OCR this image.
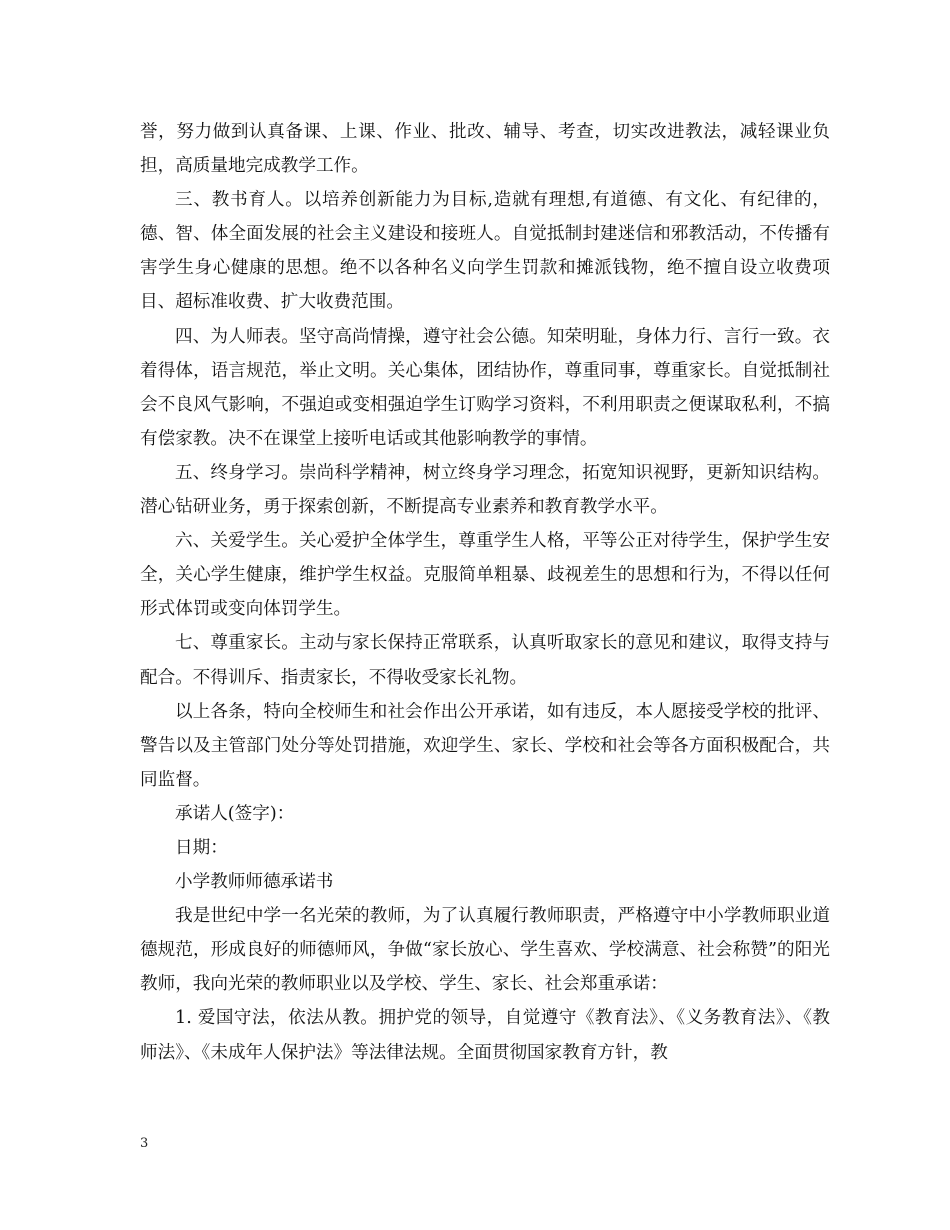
誉，努力做到认真备课、上课、作业、批改、辅导、考查，切实改进教法，减轻课业负担，高质量地完成教学工作。

三、教书育人。以培养创新能力为目标,造就有理想,有道德、有文化、有纪律的，德、智、体全面发展的社会主义建设和接班人。自觉抵制封建迷信和邪教活动，不传播有害学生身心健康的思想。绝不以各种名义向学生罚款和摊派钱物，绝不擅自设立收费项目、超标准收费、扩大收费范围。

四、为人师表。坚守高尚情操，遵守社会公德。知荣明耻，身体力行、言行一致。衣着得体，语言规范，举止文明。关心集体，团结协作，尊重同事，尊重家长。自觉抵制社会不良风气影响，不强迫或变相强迫学生订购学习资料，不利用职责之便谋取私利，不搞有偿家教。决不在课堂上接听电话或其他影响教学的事情。

五、终身学习。崇尚科学精神，树立终身学习理念，拓宽知识视野，更新知识结构。潜心钻研业务，勇于探索创新，不断提高专业素养和教育教学水平。

六、关爱学生。关心爱护全体学生，尊重学生人格，平等公正对待学生，保护学生安全，关心学生健康，维护学生权益。克服简单粗暴、歧视差生的思想和行为，不得以任何形式体罚或变向体罚学生。

七、尊重家长。主动与家长保持正常联系，认真听取家长的意见和建议，取得支持与配合。不得训斥、指责家长，不得收受家长礼物。

以上各条，特向全校师生和社会作出公开承诺，如有违反，本人愿接受学校的批评、警告以及主管部门处分等处罚措施，欢迎学生、家长、学校和社会等各方面积极配合，共同监督。

承诺人(签字)：

日期：

小学教师师德承诺书

我是世纪中学一名光荣的教师，为了认真履行教师职责，严格遵守中小学教师职业道德规范，形成良好的师德师风，争做“家长放心、学生喜欢、学校满意、社会称赞”的阳光教师，我向光荣的教师职业以及学校、学生、家长、社会郑重承诺：

1. 爱国守法，依法从教。拥护党的领导，自觉遵守《教育法》、《义务教育法》、《教师法》、《未成年人保护法》等法律法规。全面贯彻国家教育方针，教

3
